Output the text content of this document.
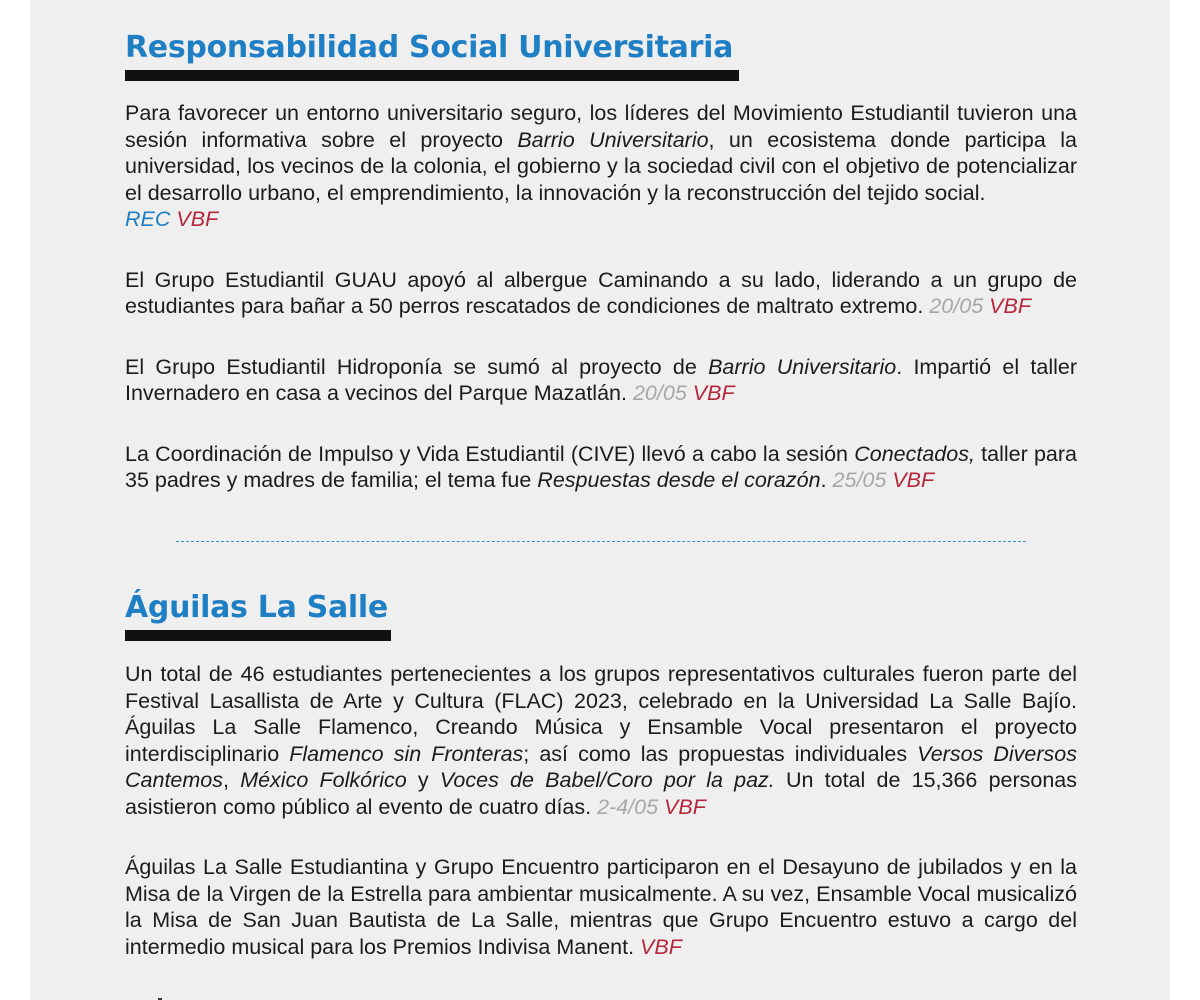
Responsabilidad Social Universitaria

Para favorecer un entorno universitario seguro, los líderes del Movimiento Estudiantil tuvieron una sesión informativa sobre el proyecto Barrio Universitario, un ecosistema donde participa la universidad, los vecinos de la colonia, el gobierno y la sociedad civil con el objetivo de potencializar el desarrollo urbano, el emprendimiento, la innovación y la reconstrucción del tejido social.
REC VBF

El Grupo Estudiantil GUAU apoyó al albergue Caminando a su lado, liderando a un grupo de estudiantes para bañar a 50 perros rescatados de condiciones de maltrato extremo. 20/05 VBF

El Grupo Estudiantil Hidroponía se sumó al proyecto de Barrio Universitario. Impartió el taller Invernadero en casa a vecinos del Parque Mazatlán. 20/05 VBF

La Coordinación de Impulso y Vida Estudiantil (CIVE) llevó a cabo la sesión Conectados, taller para 35 padres y madres de familia; el tema fue Respuestas desde el corazón. 25/05 VBF

Águilas La Salle

Un total de 46 estudiantes pertenecientes a los grupos representativos culturales fueron parte del Festival Lasallista de Arte y Cultura (FLAC) 2023, celebrado en la Universidad La Salle Bajío. Águilas La Salle Flamenco, Creando Música y Ensamble Vocal presentaron el proyecto interdisciplinario Flamenco sin Fronteras; así como las propuestas individuales Versos Diversos Cantemos, México Folkórico y Voces de Babel/Coro por la paz. Un total de 15,366 personas asistieron como público al evento de cuatro días. 2-4/05 VBF

Águilas La Salle Estudiantina y Grupo Encuentro participaron en el Desayuno de jubilados y en la Misa de la Virgen de la Estrella para ambientar musicalmente. A su vez, Ensamble Vocal musicalizó la Misa de San Juan Bautista de La Salle, mientras que Grupo Encuentro estuvo a cargo del intermedio musical para los Premios Indivisa Manent. VBF
